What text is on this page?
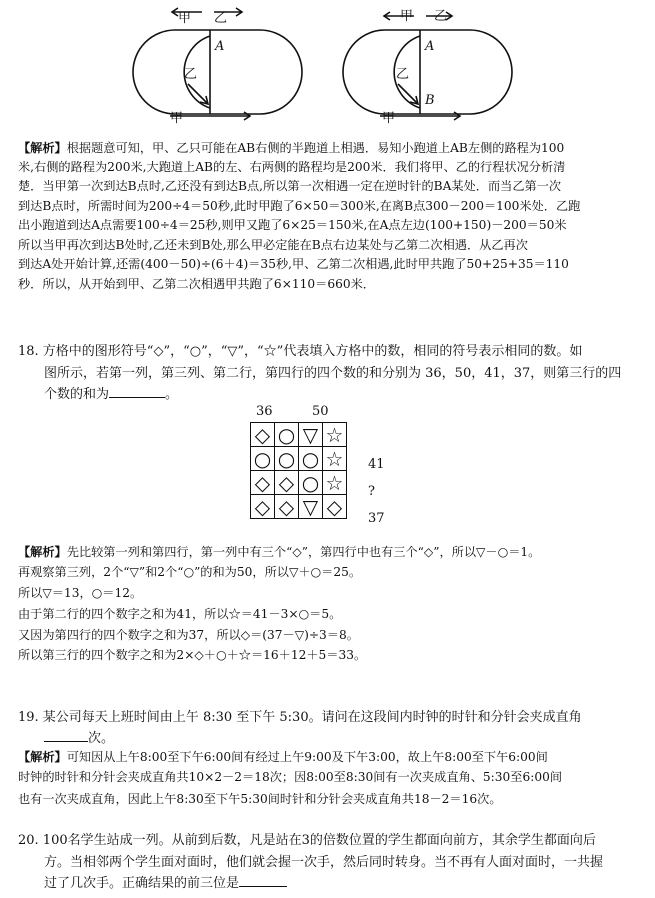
甲 乙
A
乙
甲
甲 乙
A
乙
甲
B
【解析】根据题意可知，甲、乙只可能在AB右侧的半跑道上相遇．易知小跑道上AB左侧的路程为100
米,右侧的路程为200米,大跑道上AB的左、右两侧的路程均是200米．我们将甲、乙的行程状况分析清
楚．当甲第一次到达B点时,乙还没有到达B点,所以第一次相遇一定在逆时针的BA某处．而当乙第一次
到达B点时，所需时间为200÷4＝50秒,此时甲跑了6×50＝300米,在离B点300－200＝100米处．乙跑
出小跑道到达A点需要100÷4＝25秒,则甲又跑了6×25＝150米,在A点左边(100+150)－200＝50米
所以当甲再次到达B处时,乙还未到B处,那么甲必定能在B点右边某处与乙第二次相遇．从乙再次
到达A处开始计算,还需(400－50)÷(6＋4)＝35秒,甲、乙第二次相遇,此时甲共跑了50+25+35＝110
秒．所以，从开始到甲、乙第二次相遇甲共跑了6×110＝660米．
18. 方格中的图形符号“◇”，“○”，“▽”，“☆”代表填入方格中的数，相同的符号表示相同的数。如
图所示，若第一列，第三列、第二行，第四行的四个数的和分别为 36，50，41，37，则第三行的四
个数的和为	。
36	50
◇	○	▽	☆
○	○	○	☆
◇	◇	○	☆
◇	◇	▽	◇
41
?
37
【解析】先比较第一列和第四行，第一列中有三个“◇”，第四行中也有三个“◇”，所以▽－○＝1。
再观察第三列，2个“▽”和2个“○”的和为50，所以▽＋○＝25。
所以▽＝13，○＝12。
由于第二行的四个数字之和为41，所以☆＝41－3×○＝5。
又因为第四行的四个数字之和为37，所以◇＝(37－▽)÷3＝8。
所以第三行的四个数字之和为2×◇＋○＋☆＝16＋12＋5＝33。
19. 某公司每天上班时间由上午 8:30 至下午 5:30。请问在这段间内时钟的时针和分针会夹成直角
次。
【解析】可知因从上午8:00至下午6:00间有经过上午9:00及下午3:00，故上午8:00至下午6:00间
时钟的时针和分针会夹成直角共10×2－2＝18次；因8:00至8:30间有一次夹成直角、5:30至6:00间
也有一次夹成直角，因此上午8:30至下午5:30间时针和分针会夹成直角共18－2＝16次。
20. 100名学生站成一列。从前到后数，凡是站在3的倍数位置的学生都面向前方，其余学生都面向后
方。当相邻两个学生面对面时，他们就会握一次手，然后同时转身。当不再有人面对面时，一共握
过了几次手。正确结果的前三位是
